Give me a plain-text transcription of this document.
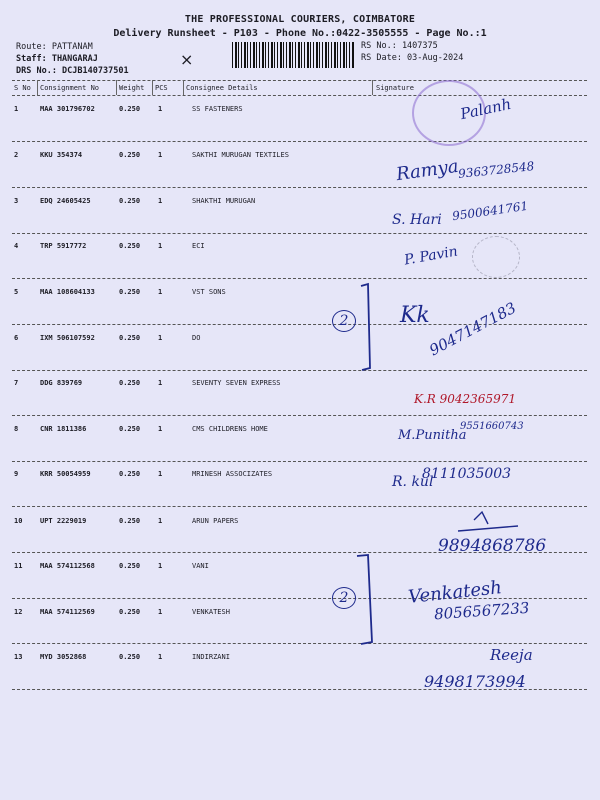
THE PROFESSIONAL COURIERS, COIMBATORE
Delivery Runsheet - P103 - Phone No.:0422-3505555 - Page No.:1
Route: PATTANAM
Staff: THANGARAJ
DRS No.: DCJB140737501
×
RS No.: 1407375
RS Date: 03-Aug-2024
S No Consignment No	Weight PCS	Consignee Details	Signature
1	MAA 301796702	0.250	1	SS FASTENERS
2	KKU 354374	0.250	1	SAKTHI MURUGAN TEXTILES
3	EDQ 24605425	0.250	1	SHAKTHI MURUGAN
4	TRP 5917772	0.250	1	ECI
5	MAA 108604133	0.250	1	VST SONS
6	IXM 506107592	0.250	1	DO
7	DDG 839769	0.250	1	SEVENTY SEVEN EXPRESS
8	CNR 1811386	0.250	1	CMS CHILDRENS HOME
9	KRR 50054959	0.250	1	MRINESH ASSOCIZATES
10	UPT 2229019	0.250	1	ARUN PAPERS
11	MAA 574112568	0.250	1	VANI
12	MAA 574112569	0.250	1	VENKATESH
13	MYD 3052868	0.250	1	INDIRZANI
Palanh
Ramya
9363728548
S. Hari 9500641761
P. Pavin
Kk
9047147183
K.R 9042365971
M.Punitha
9551660743
R. kul
8111035003
9894868786
Venkatesh
8056567233
Reeja
9498173994
2
2
